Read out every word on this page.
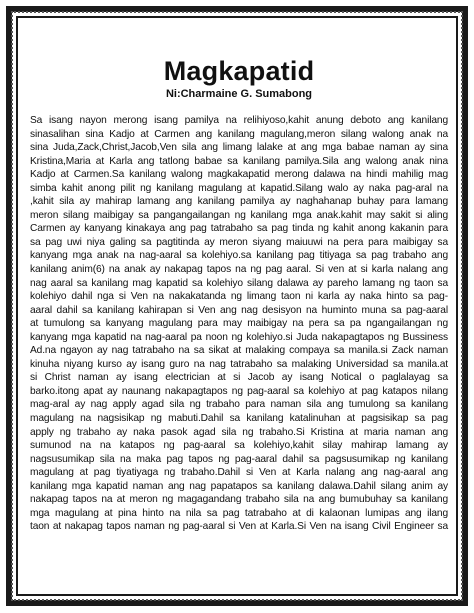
Magkapatid
Ni:Charmaine G. Sumabong

Sa isang nayon merong isang pamilya na relihiyoso,kahit anung deboto ang kanilang

sinasalihan sina Kadjo at Carmen ang kanilang magulang,meron silang walong anak na

sina Juda,Zack,Christ,Jacob,Ven sila ang limang lalake at ang mga babae naman ay sina

Kristina,Maria at Karla ang tatlong babae sa kanilang pamilya.Sila ang walong anak nina

Kadjo at Carmen.Sa kanilang walong magkakapatid merong dalawa na hindi mahilig mag

simba kahit anong pilit ng kanilang magulang at kapatid.Silang walo ay naka pag-aral na

,kahit sila ay mahirap lamang ang kanilang pamilya ay naghahanap buhay para lamang

meron silang maibigay sa pangangailangan ng kanilang mga anak.kahit may sakit si aling

Carmen ay kanyang kinakaya ang pag tatrabaho sa pag tinda ng kahit anong kakanin para

sa pag uwi niya galing sa pagtitinda ay meron siyang maiuuwi na pera para maibigay sa

kanyang mga anak na nag-aaral sa kolehiyo.sa kanilang pag titiyaga sa pag trabaho ang

kanilang anim(6) na anak ay nakapag tapos na ng pag aaral. Si ven at si karla nalang ang

nag aaral sa kanilang mag kapatid sa kolehiyo silang dalawa ay pareho lamang ng taon sa

kolehiyo dahil nga si Ven na nakakatanda ng limang taon ni karla ay naka hinto sa pag-

aaral dahil sa kanilang kahirapan si Ven ang nag desisyon na huminto muna sa pag-aaral

at tumulong sa kanyang magulang para may maibigay na pera sa pa ngangailangan ng

kanyang mga kapatid na nag-aaral pa noon ng kolehiyo.si Juda nakapagtapos ng Bussiness

Ad.na ngayon ay nag tatrabaho na sa sikat at malaking compaya sa manila.si Zack naman

kinuha niyang kurso ay isang guro na nag tatrabaho sa malaking Universidad sa manila.at

si Christ naman ay isang electrician at si Jacob ay isang Notical o paglalayag sa

barko.itong apat ay naunang nakapagtapos ng pag-aaral sa kolehiyo at pag katapos nilang

mag-aral ay nag apply agad sila ng trabaho para naman sila ang tumulong sa kanilang

magulang na nagsisikap ng mabuti.Dahil sa kanilang katalinuhan at pagsisikap sa pag

apply ng trabaho ay naka pasok agad sila ng trabaho.Si Kristina at maria naman ang

sumunod na na katapos ng pag-aaral sa kolehiyo,kahit silay mahirap lamang ay

nagsusumikap sila na maka pag tapos ng pag-aaral dahil sa pagsusumikap ng kanilang

magulang at pag tiyatiyaga ng trabaho.Dahil si Ven at Karla nalang ang nag-aaral ang

kanilang mga kapatid naman ang nag papatapos sa kanilang dalawa.Dahil silang anim ay

nakapag tapos na at meron ng magagandang trabaho sila na ang bumubuhay sa kanilang

mga magulang at pina hinto na nila sa pag tatrabaho at di kalaonan lumipas ang ilang

taon at nakapag tapos naman ng pag-aaral si Ven at Karla.Si Ven na isang Civil Engineer sa
